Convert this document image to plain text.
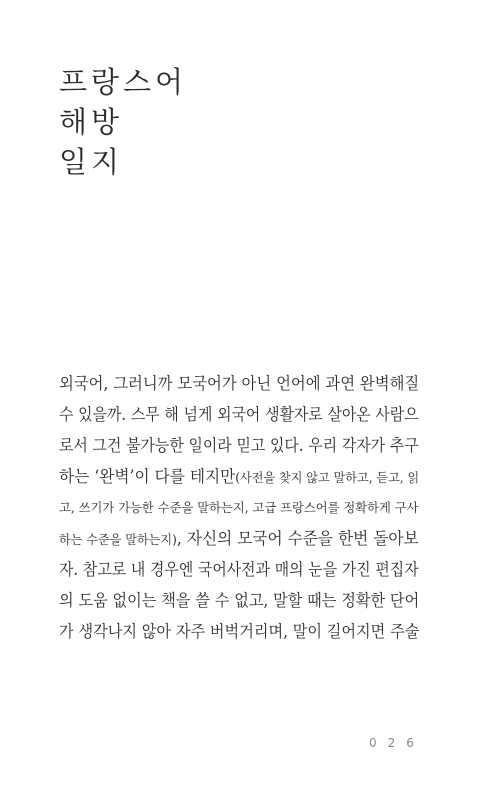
프랑스어
해방
일지
외국어, 그러니까 모국어가 아닌 언어에 과연 완벽해질
수 있을까. 스무 해 넘게 외국어 생활자로 살아온 사람으
로서 그건 불가능한 일이라 믿고 있다. 우리 각자가 추구
하는 ‘완벽’이 다를 테지만(사전을 찾지 않고 말하고, 듣고, 읽
고, 쓰기가 가능한 수준을 말하는지, 고급 프랑스어를 정확하게 구사
하는 수준을 말하는지), 자신의 모국어 수준을 한번 돌아보
자. 참고로 내 경우엔 국어사전과 매의 눈을 가진 편집자
의 도움 없이는 책을 쓸 수 없고, 말할 때는 정확한 단어
가 생각나지 않아 자주 버벅거리며, 말이 길어지면 주술
026
